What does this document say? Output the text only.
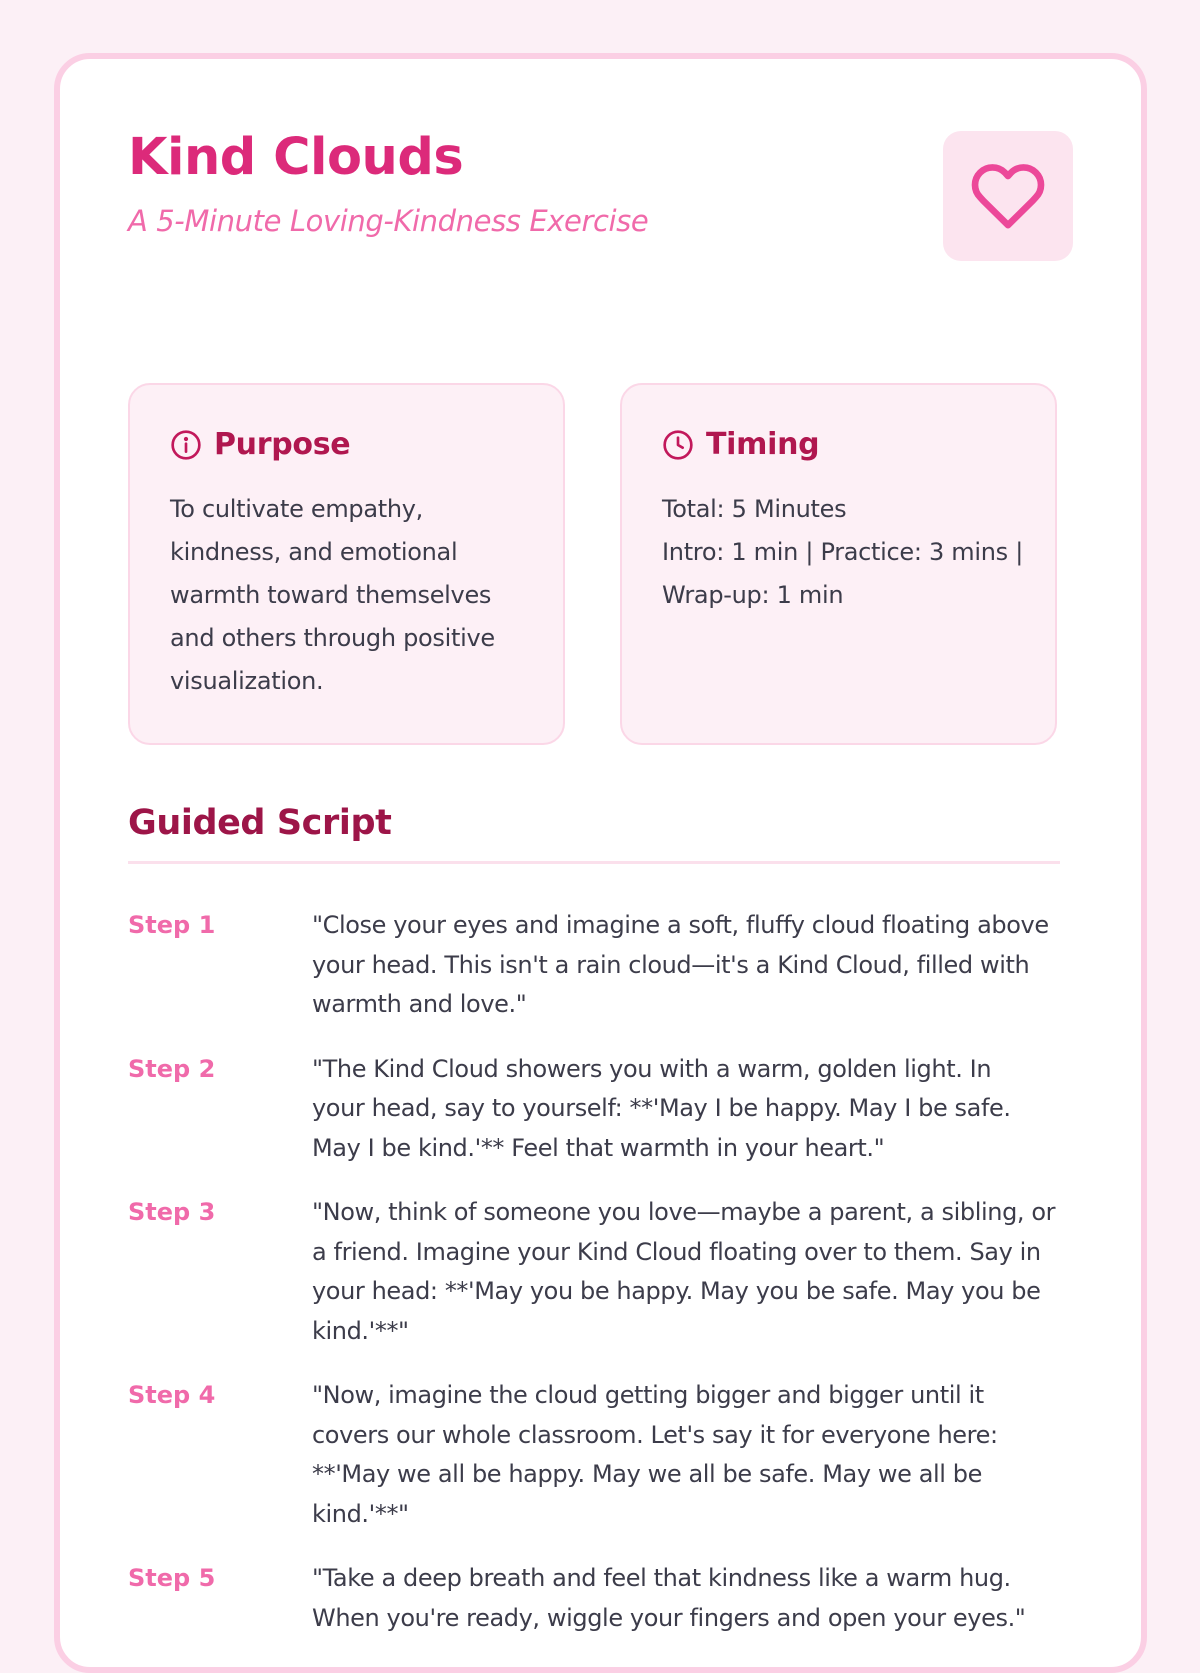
Kind Clouds
A 5-Minute Loving-Kindness Exercise
Purpose
To cultivate empathy,
kindness, and emotional
warmth toward themselves
and others through positive
visualization.
Timing
Total: 5 Minutes
Intro: 1 min | Practice: 3 mins |
Wrap-up: 1 min
Guided Script
Step 1	"Close your eyes and imagine a soft, fluffy cloud floating above
your head. This isn't a rain cloud—it's a Kind Cloud, filled with
warmth and love."
Step 2	"The Kind Cloud showers you with a warm, golden light. In
your head, say to yourself: **'May I be happy. May I be safe.
May I be kind.'** Feel that warmth in your heart."
Step 3	"Now, think of someone you love—maybe a parent, a sibling, or
a friend. Imagine your Kind Cloud floating over to them. Say in
your head: **'May you be happy. May you be safe. May you be
kind.'**"
Step 4	"Now, imagine the cloud getting bigger and bigger until it
covers our whole classroom. Let's say it for everyone here:
**'May we all be happy. May we all be safe. May we all be
kind.'**"
Step 5	"Take a deep breath and feel that kindness like a warm hug.
When you're ready, wiggle your fingers and open your eyes."
